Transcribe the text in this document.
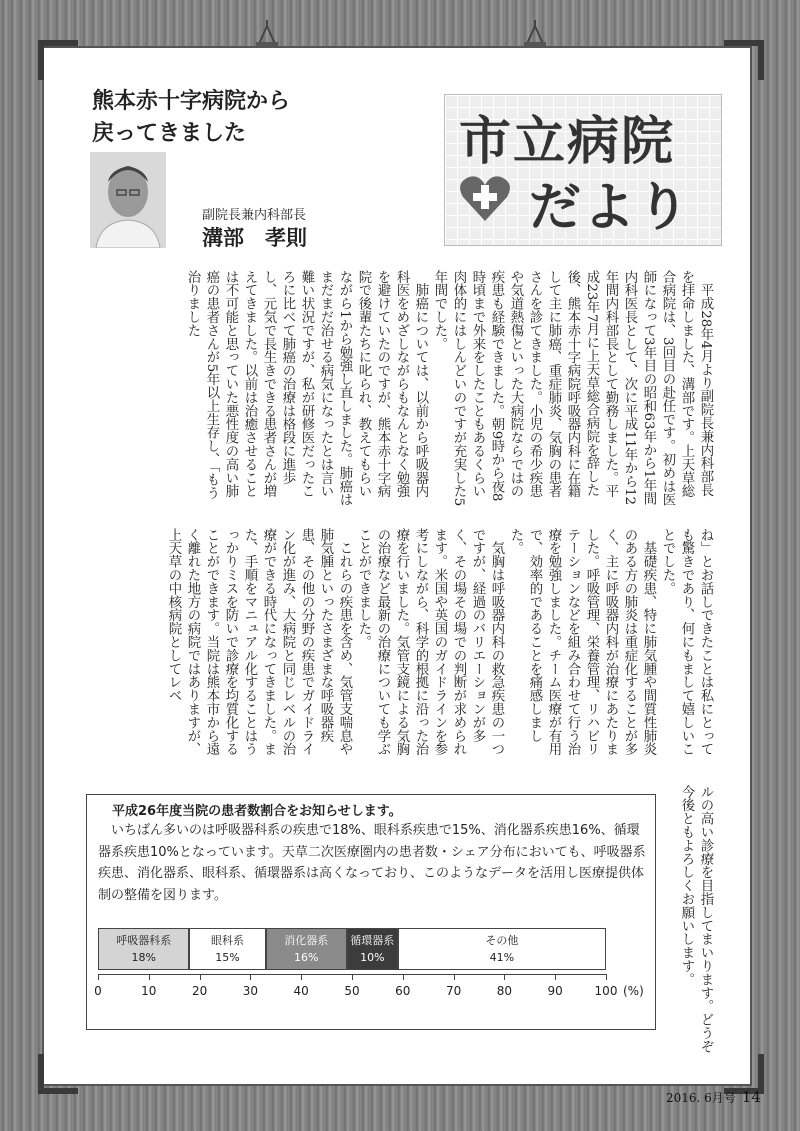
熊本赤十字病院から
戻ってきました
副院長兼内科部長
溝部　孝則
市立病院
だより
　平成28年4月より副院長兼内科部長を拝命しました、溝部です。上天草総合病院は、3回目の赴任です。初めは医師になって3年目の昭和63年から1年間内科医長として、次に平成11年から12年間内科部長として勤務しました。平成23年7月に上天草総合病院を辞した後、熊本赤十字病院呼吸器内科に在籍して主に肺癌、重症肺炎、気胸の患者さんを診てきました。小児の希少疾患や気道熱傷といった大病院ならではの疾患も経験できました。朝9時から夜8時頃まで外来をしたこともあるくらい肉体的にはしんどいのですが充実した5年間でした。
　肺癌については、以前から呼吸器内科医をめざしながらもなんとなく勉強を避けていたのですが、熊本赤十字病院で後輩たちに叱られ、教えてもらいながら1から勉強し直しました。肺癌はまだまだ治せる病気になったとは言い難い状況ですが、私が研修医だったころに比べて肺癌の治療は格段に進歩し、元気で長生きできる患者さんが増えてきました。以前は治癒させることは不可能と思っていた悪性度の高い肺癌の患者さんが5年以上生存し、「もう治りました
ね」とお話しできたことは私にとっても驚きであり、何にもまして嬉しいことでした。
　基礎疾患、特に肺気腫や間質性肺炎のある方の肺炎は重症化することが多く、主に呼吸器内科が治療にあたりました。呼吸管理、栄養管理、リハビリテーションなどを組み合わせて行う治療を勉強しました。チーム医療が有用で、効率的であることを痛感しました。
　気胸は呼吸器内科の救急疾患の一つですが、経過のバリエーションが多く、その場その場での判断が求められます。米国や英国のガイドラインを参考にしながら、科学的根拠に沿った治療を行いました。気管支鏡による気胸の治療など最新の治療についても学ぶことができました。
　これらの疾患を含め、気管支喘息や肺気腫といったさまざまな呼吸器疾患、その他の分野の疾患でガイドライン化が進み、大病院と同じレベルの治療ができる時代になってきました。また、手順をマニュアル化することはうっかりミスを防いで診療を均質化することができます。当院は熊本市から遠く離れた地方の病院ではありますが、上天草の中核病院としてレベ
ルの高い診療を目指してまいります。どうぞ今後ともよろしくお願いします。
平成26年度当院の患者数割合をお知らせします。
いちばん多いのは呼吸器科系の疾患で18%、眼科系疾患で15%、消化器系疾患16%、循環器系疾患10%となっています。天草二次医療圏内の患者数・シェア分布においても、呼吸器系疾患、消化器系、眼科系、循環器系は高くなっており、このようなデータを活用し医療提供体制の整備を図ります。
呼吸器科系
18%
眼科系
15%
消化器系
16%
循環器系
10%
その他
41%
0	10	20	30	40	50	60	70	80	90	100 (%)
2016. 6月号 14
